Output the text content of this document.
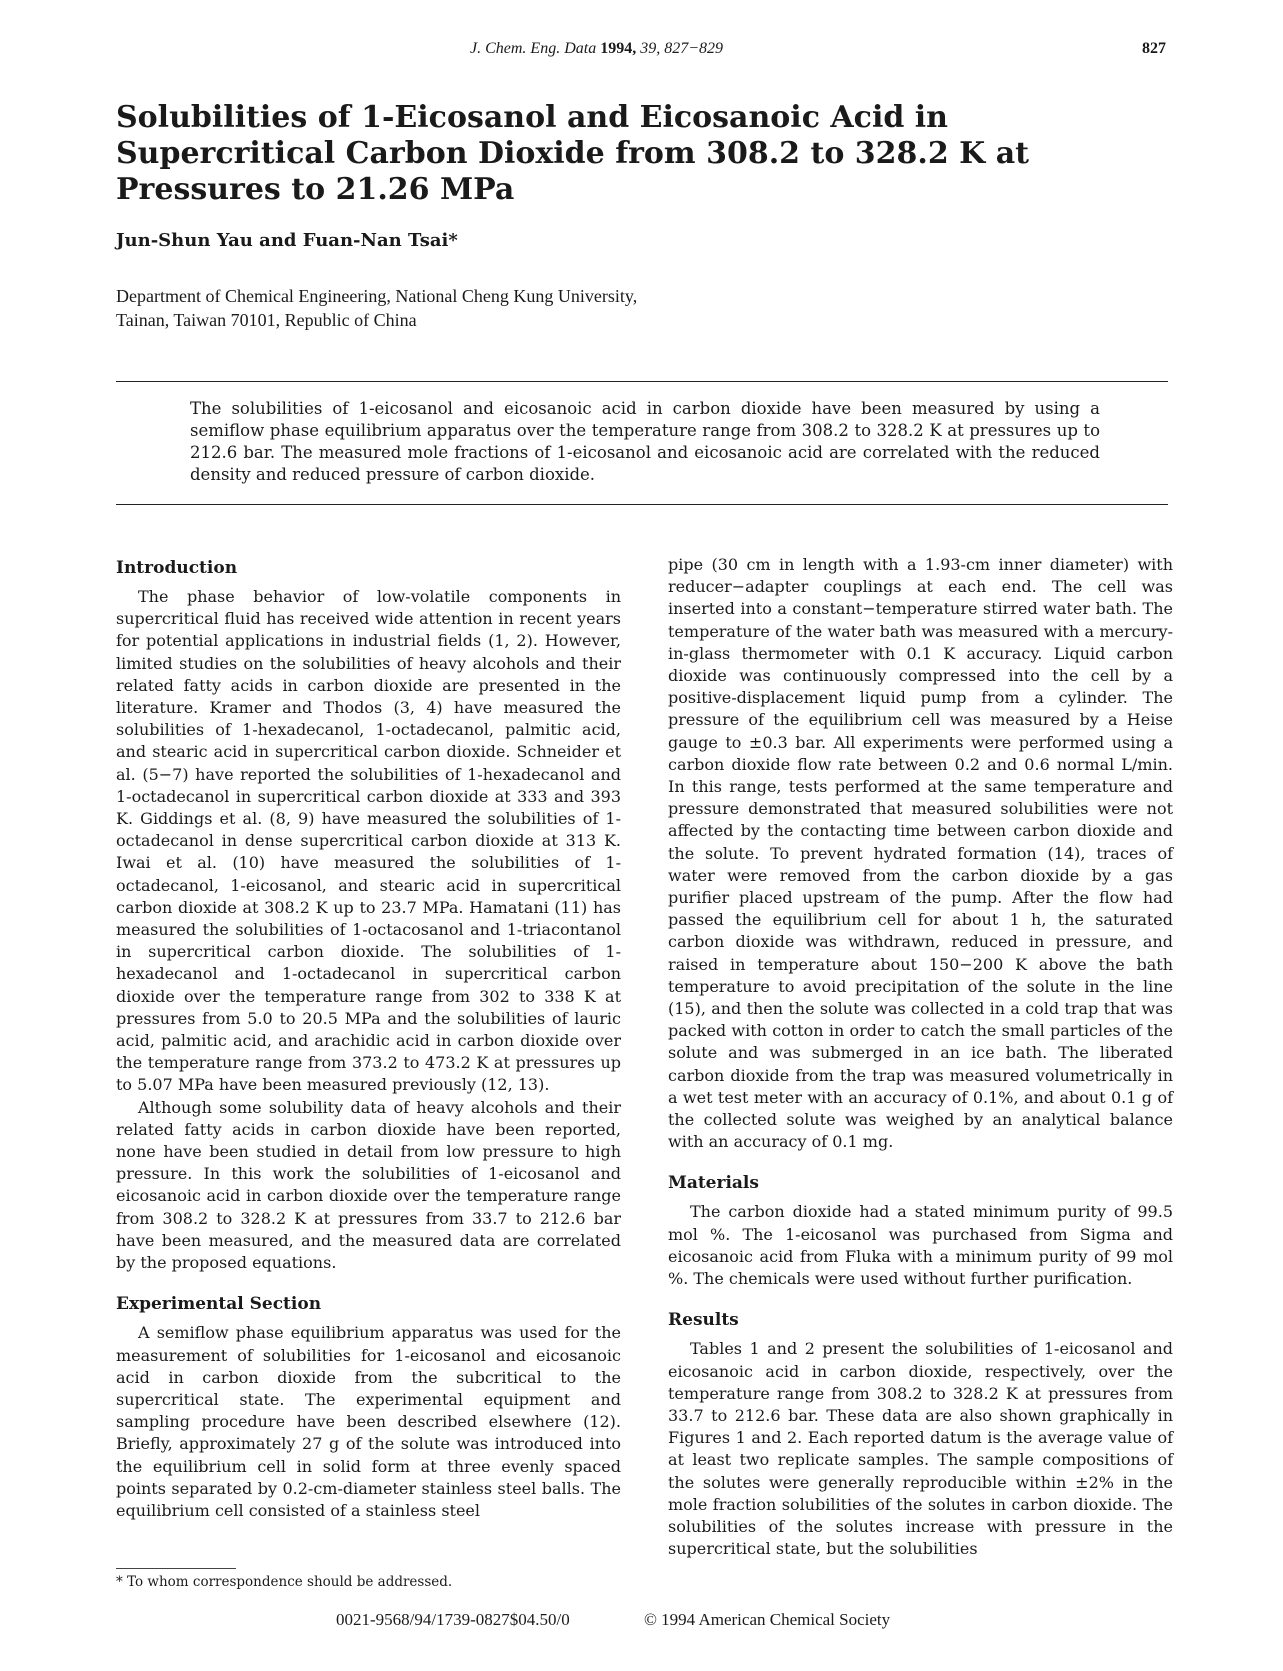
J. Chem. Eng. Data 1994, 39, 827−829	827
Solubilities of 1-Eicosanol and Eicosanoic Acid in Supercritical Carbon Dioxide from 308.2 to 328.2 K at Pressures to 21.26 MPa
Jun-Shun Yau and Fuan-Nan Tsai*
Department of Chemical Engineering, National Cheng Kung University,
Tainan, Taiwan 70101, Republic of China
The solubilities of 1-eicosanol and eicosanoic acid in carbon dioxide have been measured by using a semiflow phase equilibrium apparatus over the temperature range from 308.2 to 328.2 K at pressures up to 212.6 bar. The measured mole fractions of 1-eicosanol and eicosanoic acid are correlated with the reduced density and reduced pressure of carbon dioxide.
Introduction

The phase behavior of low-volatile components in supercritical fluid has received wide attention in recent years for potential applications in industrial fields (1, 2). However, limited studies on the solubilities of heavy alcohols and their related fatty acids in carbon dioxide are presented in the literature. Kramer and Thodos (3, 4) have measured the solubilities of 1-hexadecanol, 1-octadecanol, palmitic acid, and stearic acid in supercritical carbon dioxide. Schneider et al. (5−7) have reported the solubilities of 1-hexadecanol and 1-octadecanol in supercritical carbon dioxide at 333 and 393 K. Giddings et al. (8, 9) have measured the solubilities of 1-octadecanol in dense supercritical carbon dioxide at 313 K. Iwai et al. (10) have measured the solubilities of 1-octadecanol, 1-eicosanol, and stearic acid in supercritical carbon dioxide at 308.2 K up to 23.7 MPa. Hamatani (11) has measured the solubilities of 1-octacosanol and 1-triacontanol in supercritical carbon dioxide. The solubilities of 1-hexadecanol and 1-octadecanol in supercritical carbon dioxide over the temperature range from 302 to 338 K at pressures from 5.0 to 20.5 MPa and the solubilities of lauric acid, palmitic acid, and arachidic acid in carbon dioxide over the temperature range from 373.2 to 473.2 K at pressures up to 5.07 MPa have been measured previously (12, 13).

Although some solubility data of heavy alcohols and their related fatty acids in carbon dioxide have been reported, none have been studied in detail from low pressure to high pressure. In this work the solubilities of 1-eicosanol and eicosanoic acid in carbon dioxide over the temperature range from 308.2 to 328.2 K at pressures from 33.7 to 212.6 bar have been measured, and the measured data are correlated by the proposed equations.

Experimental Section

A semiflow phase equilibrium apparatus was used for the measurement of solubilities for 1-eicosanol and eicosanoic acid in carbon dioxide from the subcritical to the supercritical state. The experimental equipment and sampling procedure have been described elsewhere (12). Briefly, approximately 27 g of the solute was introduced into the equilibrium cell in solid form at three evenly spaced points separated by 0.2-cm-diameter stainless steel balls. The equilibrium cell consisted of a stainless steel

pipe (30 cm in length with a 1.93-cm inner diameter) with reducer−adapter couplings at each end. The cell was inserted into a constant−temperature stirred water bath. The temperature of the water bath was measured with a mercury-in-glass thermometer with 0.1 K accuracy. Liquid carbon dioxide was continuously compressed into the cell by a positive-displacement liquid pump from a cylinder. The pressure of the equilibrium cell was measured by a Heise gauge to ±0.3 bar. All experiments were performed using a carbon dioxide flow rate between 0.2 and 0.6 normal L/min. In this range, tests performed at the same temperature and pressure demonstrated that measured solubilities were not affected by the contacting time between carbon dioxide and the solute. To prevent hydrated formation (14), traces of water were removed from the carbon dioxide by a gas purifier placed upstream of the pump. After the flow had passed the equilibrium cell for about 1 h, the saturated carbon dioxide was withdrawn, reduced in pressure, and raised in temperature about 150−200 K above the bath temperature to avoid precipitation of the solute in the line (15), and then the solute was collected in a cold trap that was packed with cotton in order to catch the small particles of the solute and was submerged in an ice bath. The liberated carbon dioxide from the trap was measured volumetrically in a wet test meter with an accuracy of 0.1%, and about 0.1 g of the collected solute was weighed by an analytical balance with an accuracy of 0.1 mg.

Materials

The carbon dioxide had a stated minimum purity of 99.5 mol %. The 1-eicosanol was purchased from Sigma and eicosanoic acid from Fluka with a minimum purity of 99 mol %. The chemicals were used without further purification.

Results

Tables 1 and 2 present the solubilities of 1-eicosanol and eicosanoic acid in carbon dioxide, respectively, over the temperature range from 308.2 to 328.2 K at pressures from 33.7 to 212.6 bar. These data are also shown graphically in Figures 1 and 2. Each reported datum is the average value of at least two replicate samples. The sample compositions of the solutes were generally reproducible within ±2% in the mole fraction solubilities of the solutes in carbon dioxide. The solubilities of the solutes increase with pressure in the supercritical state, but the solubilities

* To whom correspondence should be addressed.
0021-9568/94/1739-0827$04.50/0	© 1994 American Chemical Society
